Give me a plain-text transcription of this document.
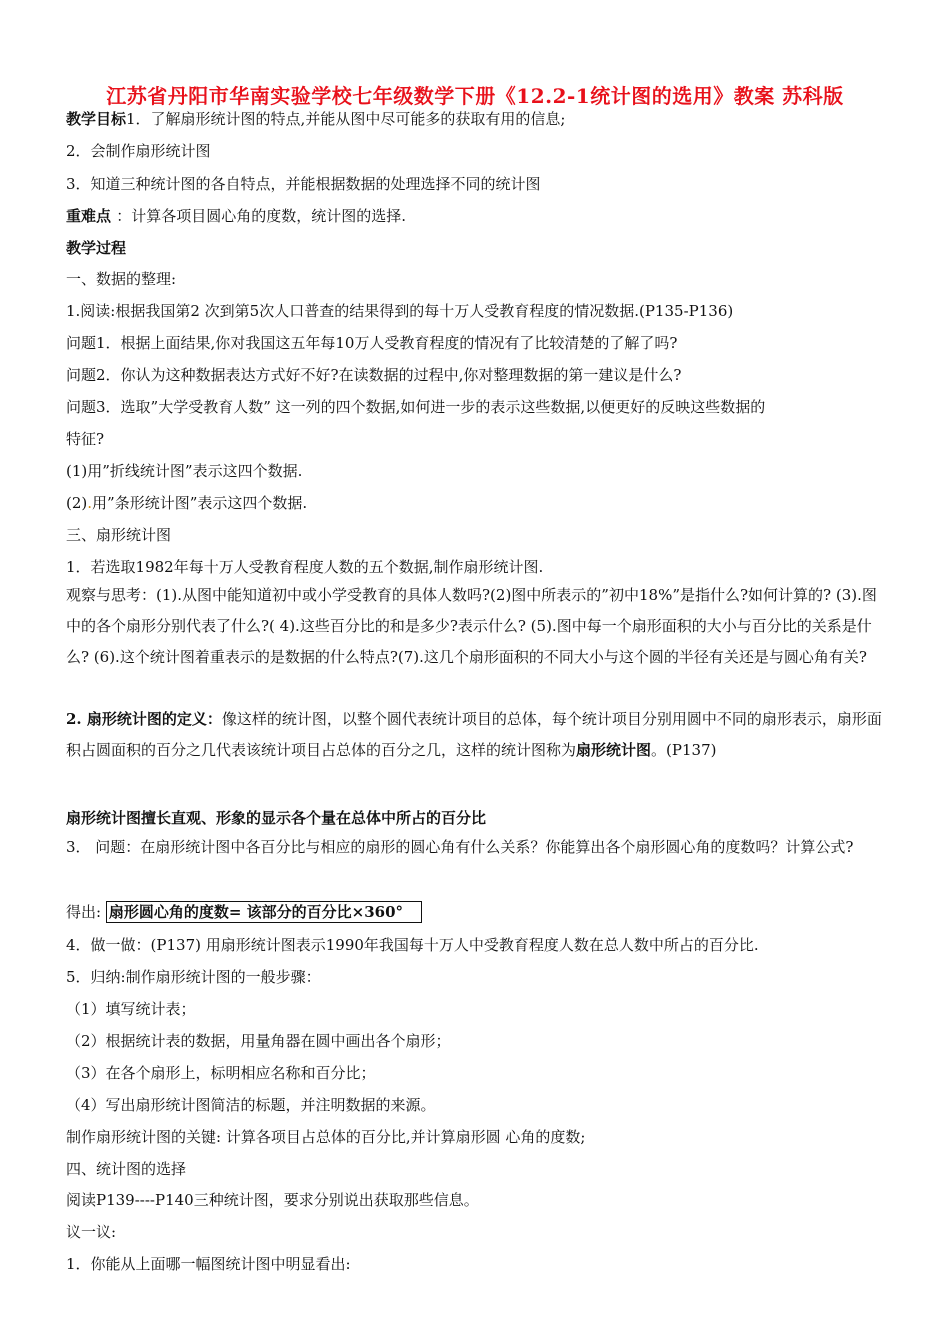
江苏省丹阳市华南实验学校七年级数学下册《12.2-1统计图的选用》教案 苏科版
教学目标1．了解扇形统计图的特点,并能从图中尽可能多的获取有用的信息;
2．会制作扇形统计图
3．知道三种统计图的各自特点，并能根据数据的处理选择不同的统计图
重难点 ：计算各项目圆心角的度数，统计图的选择.
教学过程
一、数据的整理:
1.阅读:根据我国第2 次到第5次人口普查的结果得到的每十万人受教育程度的情况数据.(P135-P136)
问题1．根据上面结果,你对我国这五年每10万人受教育程度的情况有了比较清楚的了解了吗?
问题2．你认为这种数据表达方式好不好?在读数据的过程中,你对整理数据的第一建议是什么?
问题3．选取”大学受教育人数” 这一列的四个数据,如何进一步的表示这些数据,以便更好的反映这些数据的
特征?
(1)用”折线统计图”表示这四个数据.
(2).用”条形统计图”表示这四个数据.
三、扇形统计图
1．若选取1982年每十万人受教育程度人数的五个数据,制作扇形统计图.
观察与思考：(1).从图中能知道初中或小学受教育的具体人数吗?(2)图中所表示的”初中18%”是指什么?如何计算的? (3).图中的各个扇形分别代表了什么?( 4).这些百分比的和是多少?表示什么? (5).图中每一个扇形面积的大小与百分比的关系是什么? (6).这个统计图着重表示的是数据的什么特点?(7).这几个扇形面积的不同大小与这个圆的半径有关还是与圆心角有关?
2. 扇形统计图的定义：像这样的统计图，以整个圆代表统计项目的总体，每个统计项目分别用圆中不同的扇形表示，扇形面积占圆面积的百分之几代表该统计项目占总体的百分之几，这样的统计图称为扇形统计图。(P137)
扇形统计图擅长直观、形象的显示各个量在总体中所占的百分比
3． 问题：在扇形统计图中各百分比与相应的扇形的圆心角有什么关系？你能算出各个扇形圆心角的度数吗？计算公式?
得出: 扇形圆心角的度数= 该部分的百分比×360°
4．做一做：(P137) 用扇形统计图表示1990年我国每十万人中受教育程度人数在总人数中所占的百分比.
5．归纳:制作扇形统计图的一般步骤：
（1）填写统计表；
（2）根据统计表的数据，用量角器在圆中画出各个扇形；
（3）在各个扇形上，标明相应名称和百分比；
（4）写出扇形统计图简洁的标题，并注明数据的来源。
制作扇形统计图的关键: 计算各项目占总体的百分比,并计算扇形圆 心角的度数;
四、统计图的选择
阅读P139----P140三种统计图，要求分别说出获取那些信息。
议一议:
1．你能从上面哪一幅图统计图中明显看出:
